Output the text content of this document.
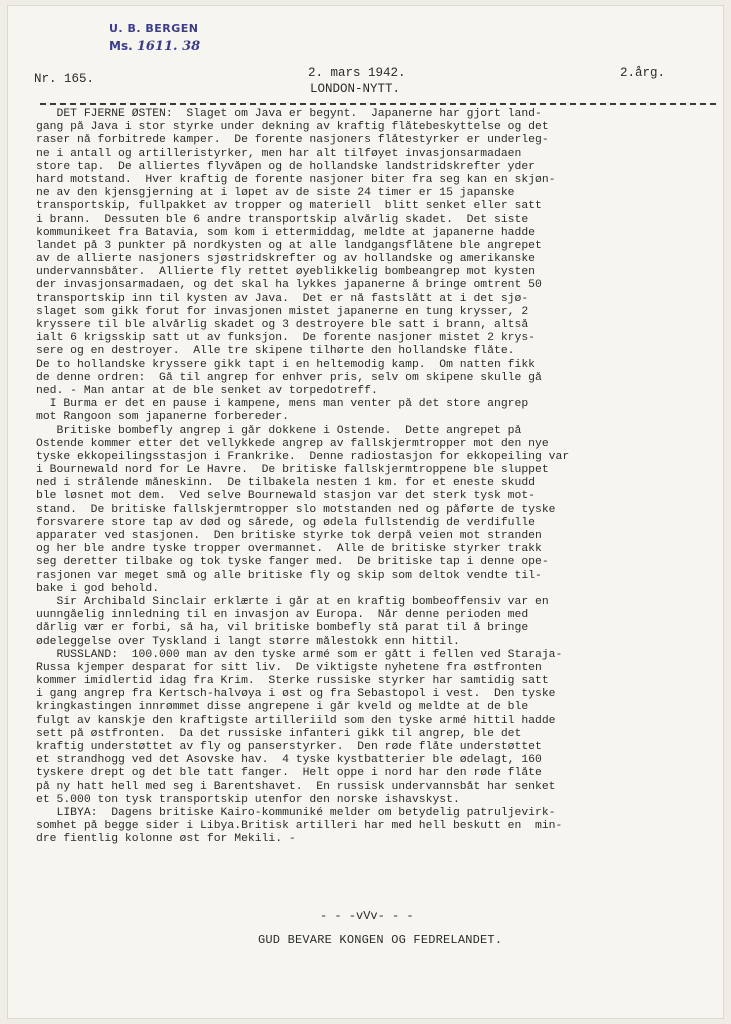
U. B. BERGEN
Ms. 1611. 38
Nr. 165.	2. mars 1942.
LONDON-NYTT.
2.årg.
DET FJERNE ØSTEN:  Slaget om Java er begynt.  Japanerne har gjort land-
gang på Java i stor styrke under dekning av kraftig flåtebeskyttelse og det
raser nå forbitrede kamper.  De forente nasjoners flåtestyrker er underleg-
ne i antall og artilleristyrker, men har alt tilføyet invasjonsarmadaen
store tap.  De alliertes flyvåpen og de hollandske landstridskrefter yder
hard motstand.  Hver kraftig de forente nasjoner biter fra seg kan en skjøn-
ne av den kjensgjerning at i løpet av de siste 24 timer er 15 japanske
transportskip, fullpakket av tropper og materiell  blitt senket eller satt
i brann.  Dessuten ble 6 andre transportskip alvårlig skadet.  Det siste
kommunikeet fra Batavia, som kom i ettermiddag, meldte at japanerne hadde
landet på 3 punkter på nordkysten og at alle landgangsflåtene ble angrepet
av de allierte nasjoners sjøstridskrefter og av hollandske og amerikanske
undervannsbåter.  Allierte fly rettet øyeblikkelig bombeangrep mot kysten
der invasjonsarmadaen, og det skal ha lykkes japanerne å bringe omtrent 50
transportskip inn til kysten av Java.  Det er nå fastslått at i det sjø-
slaget som gikk forut for invasjonen mistet japanerne en tung krysser, 2
kryssere til ble alvårlig skadet og 3 destroyere ble satt i brann, altså
ialt 6 krigsskip satt ut av funksjon.  De forente nasjoner mistet 2 krys-
sere og en destroyer.  Alle tre skipene tilhørte den hollandske flåte.
De to hollandske kryssere gikk tapt i en heltemodig kamp.  Om natten fikk
de denne ordren:  Gå til angrep for enhver pris, selv om skipene skulle gå
ned. - Man antar at de ble senket av torpedotreff.
I Burma er det en pause i kampene, mens man venter på det store angrep
mot Rangoon som japanerne forbereder.
Britiske bombefly angrep i går dokkene i Ostende.  Dette angrepet på
Ostende kommer etter det vellykkede angrep av fallskjermtropper mot den nye
tyske ekkopeilingsstasjon i Frankrike.  Denne radiostasjon for ekkopeiling var
i Bournewald nord for Le Havre.  De britiske fallskjermtroppene ble sluppet
ned i strålende måneskinn.  De tilbakela nesten 1 km. for et eneste skudd
ble løsnet mot dem.  Ved selve Bournewald stasjon var det sterk tysk mot-
stand.  De britiske fallskjermtropper slo motstanden ned og påførte de tyske
forsvarere store tap av død og sårede, og ødela fullstendig de verdifulle
apparater ved stasjonen.  Den britiske styrke tok derpå veien mot stranden
og her ble andre tyske tropper overmannet.  Alle de britiske styrker trakk
seg deretter tilbake og tok tyske fanger med.  De britiske tap i denne ope-
rasjonen var meget små og alle britiske fly og skip som deltok vendte til-
bake i god behold.
Sir Archibald Sinclair erklærte i går at en kraftig bombeoffensiv var en
uunngåelig innledning til en invasjon av Europa.  Når denne perioden med
dårlig vær er forbi, så ha, vil britiske bombefly stå parat til å bringe
ødeleggelse over Tyskland i langt større målestokk enn hittil.
RUSSLAND:  100.000 man av den tyske armé som er gått i fellen ved Staraja-
Russa kjemper desparat for sitt liv.  De viktigste nyhetene fra østfronten
kommer imidlertid idag fra Krim.  Sterke russiske styrker har samtidig satt
i gang angrep fra Kertsch-halvøya i øst og fra Sebastopol i vest.  Den tyske
kringkastingen innrømmet disse angrepene i går kveld og meldte at de ble
fulgt av kanskje den kraftigste artilleriild som den tyske armé hittil hadde
sett på østfronten.  Da det russiske infanteri gikk til angrep, ble det
kraftig understøttet av fly og panserstyrker.  Den røde flåte understøttet
et strandhogg ved det Asovske hav.  4 tyske kystbatterier ble ødelagt, 160
tyskere drept og det ble tatt fanger.  Helt oppe i nord har den røde flåte
på ny hatt hell med seg i Barentshavet.  En russisk undervannsbåt har senket
et 5.000 ton tysk transportskip utenfor den norske ishavskyst.
LIBYA:  Dagens britiske Kairo-kommuniké melder om betydelig patruljevirk-
somhet på begge sider i Libya.Britisk artilleri har med hell beskutt en  min-
dre fientlig kolonne øst for Mekili. -
- - -vVv- - -
GUD BEVARE KONGEN OG FEDRELANDET.
